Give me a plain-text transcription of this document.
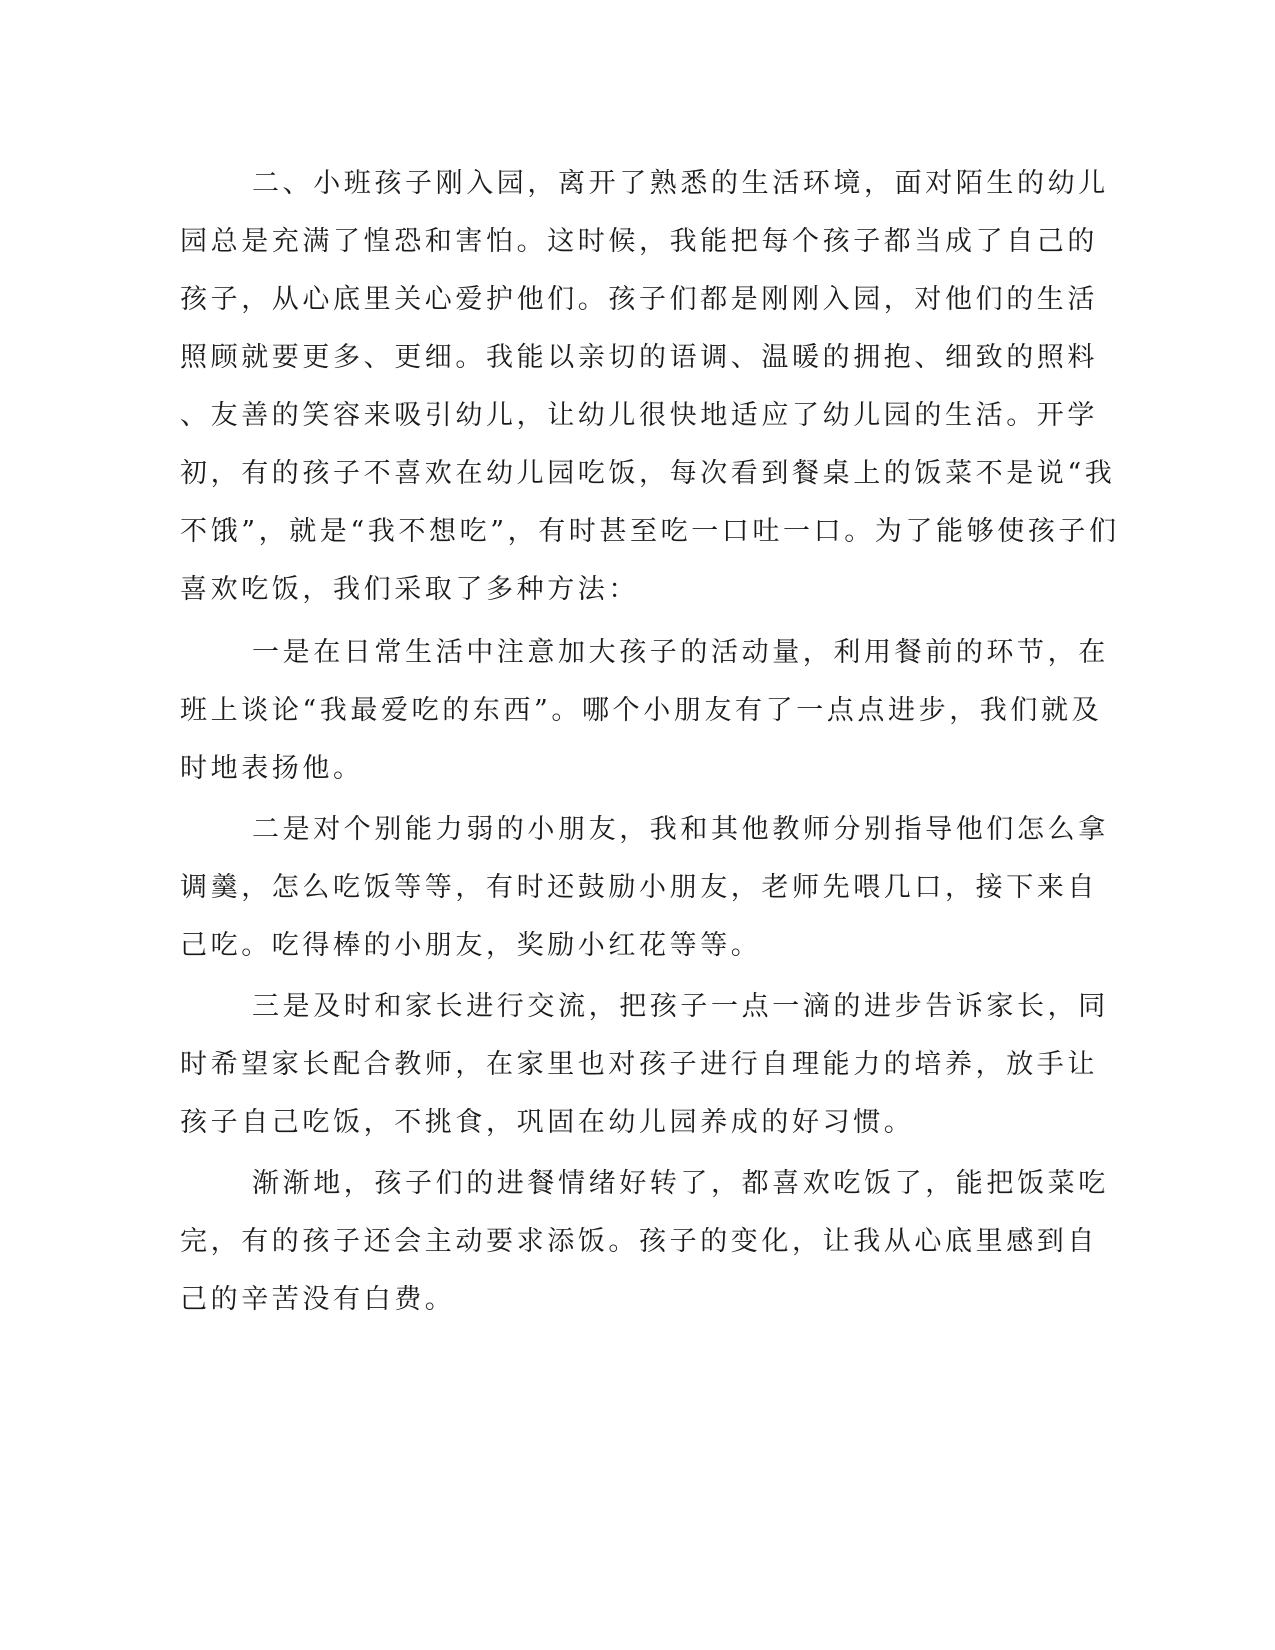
二、小班孩子刚入园，离开了熟悉的生活环境，面对陌生的幼儿
园总是充满了惶恐和害怕。这时候，我能把每个孩子都当成了自己的
孩子，从心底里关心爱护他们。孩子们都是刚刚入园，对他们的生活
照顾就要更多、更细。我能以亲切的语调、温暖的拥抱、细致的照料
、友善的笑容来吸引幼儿，让幼儿很快地适应了幼儿园的生活。开学
初，有的孩子不喜欢在幼儿园吃饭，每次看到餐桌上的饭菜不是说“我
不饿”，就是“我不想吃”，有时甚至吃一口吐一口。为了能够使孩子们
喜欢吃饭，我们采取了多种方法：
一是在日常生活中注意加大孩子的活动量，利用餐前的环节，在
班上谈论“我最爱吃的东西”。哪个小朋友有了一点点进步，我们就及
时地表扬他。
二是对个别能力弱的小朋友，我和其他教师分别指导他们怎么拿
调羹，怎么吃饭等等，有时还鼓励小朋友，老师先喂几口，接下来自
己吃。吃得棒的小朋友，奖励小红花等等。
三是及时和家长进行交流，把孩子一点一滴的进步告诉家长，同
时希望家长配合教师，在家里也对孩子进行自理能力的培养，放手让
孩子自己吃饭，不挑食，巩固在幼儿园养成的好习惯。
渐渐地，孩子们的进餐情绪好转了，都喜欢吃饭了，能把饭菜吃
完，有的孩子还会主动要求添饭。孩子的变化，让我从心底里感到自
己的辛苦没有白费。
